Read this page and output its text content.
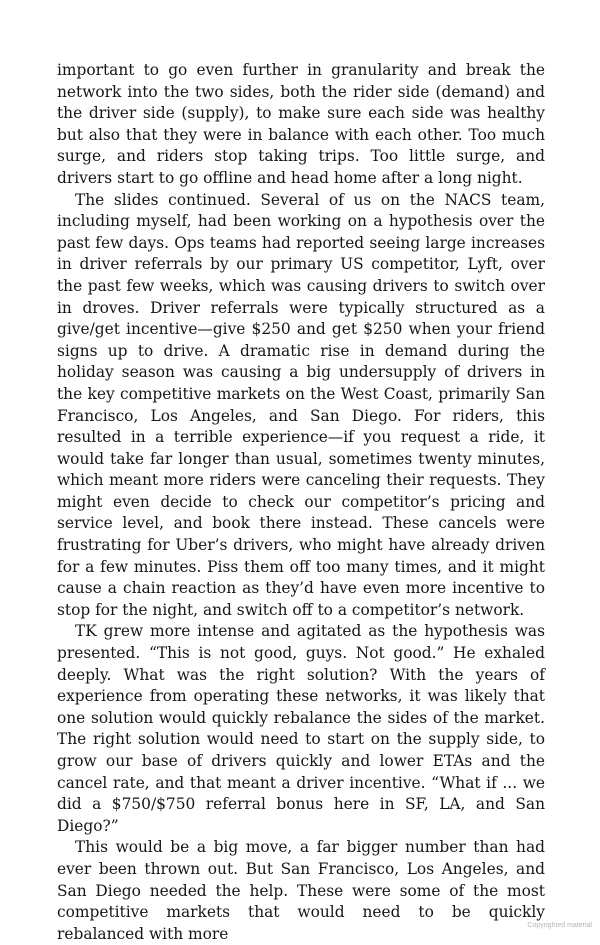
important to go even further in granularity and break the network into the two sides, both the rider side (demand) and the driver side (supply), to make sure each side was healthy but also that they were in balance with each other. Too much surge, and riders stop taking trips. Too little surge, and drivers start to go offline and head home after a long night.

The slides continued. Several of us on the NACS team, including myself, had been working on a hypothesis over the past few days. Ops teams had reported seeing large increases in driver referrals by our primary US competitor, Lyft, over the past few weeks, which was causing drivers to switch over in droves. Driver referrals were typically structured as a give/get incentive—give $250 and get $250 when your friend signs up to drive. A dramatic rise in demand during the holiday season was causing a big undersupply of drivers in the key competitive markets on the West Coast, primarily San Francisco, Los Angeles, and San Diego. For riders, this resulted in a terrible experience—if you request a ride, it would take far longer than usual, sometimes twenty minutes, which meant more riders were canceling their requests. They might even decide to check our competitor’s pricing and service level, and book there instead. These cancels were frustrating for Uber’s drivers, who might have already driven for a few minutes. Piss them off too many times, and it might cause a chain reaction as they’d have even more incentive to stop for the night, and switch off to a competitor’s network.

TK grew more intense and agitated as the hypothesis was presented. “This is not good, guys. Not good.” He exhaled deeply. What was the right solution? With the years of experience from operating these networks, it was likely that one solution would quickly rebalance the sides of the market. The right solution would need to start on the supply side, to grow our base of drivers quickly and lower ETAs and the cancel rate, and that meant a driver incentive. “What if ... we did a $750/$750 referral bonus here in SF, LA, and San Diego?”

This would be a big move, a far bigger number than had ever been thrown out. But San Francisco, Los Angeles, and San Diego needed the help. These were some of the most competitive markets that would need to be quickly rebalanced with more	Copyrighted material
